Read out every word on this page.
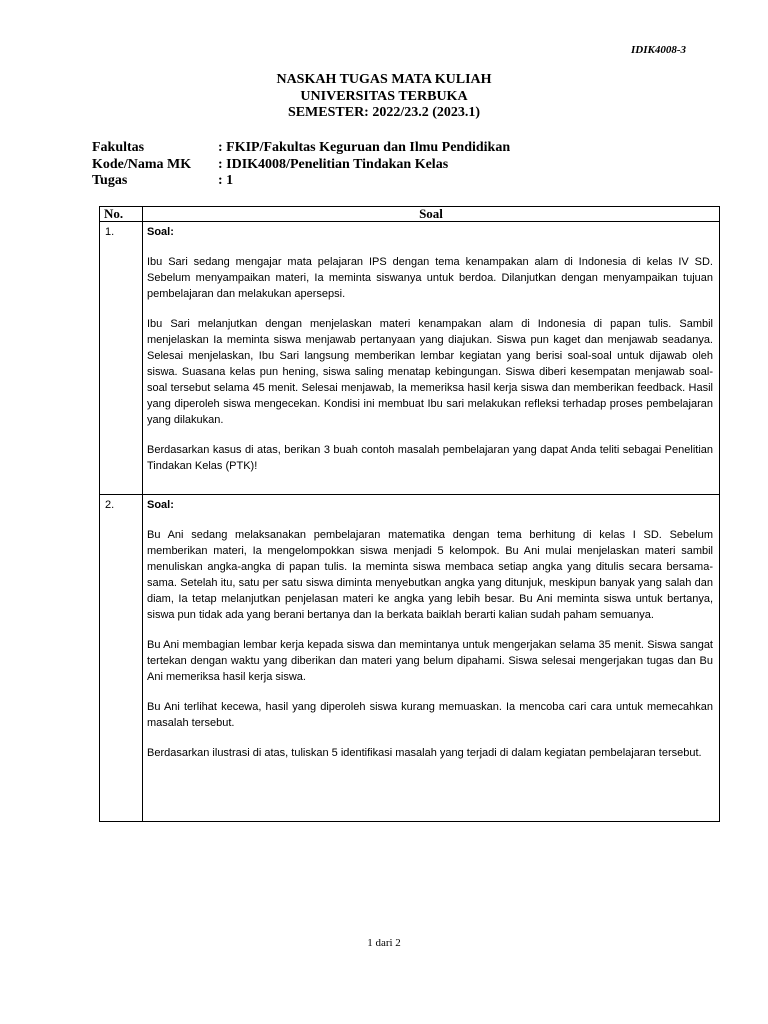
IDIK4008-3
NASKAH TUGAS MATA KULIAH
UNIVERSITAS TERBUKA
SEMESTER: 2022/23.2 (2023.1)
Fakultas	: FKIP/Fakultas Keguruan dan Ilmu Pendidikan
Kode/Nama MK	: IDIK4008/Penelitian Tindakan Kelas
Tugas	: 1
No.	Soal
1.	Soal:

Ibu Sari sedang mengajar mata pelajaran IPS dengan tema kenampakan alam di Indonesia di kelas IV SD. Sebelum menyampaikan materi, Ia meminta siswanya untuk berdoa. Dilanjutkan dengan menyampaikan tujuan pembelajaran dan melakukan apersepsi.

Ibu Sari melanjutkan dengan menjelaskan materi kenampakan alam di Indonesia di papan tulis. Sambil menjelaskan Ia meminta siswa menjawab pertanyaan yang diajukan. Siswa pun kaget dan menjawab seadanya. Selesai menjelaskan, Ibu Sari langsung memberikan lembar kegiatan yang berisi soal-soal untuk dijawab oleh siswa. Suasana kelas pun hening, siswa saling menatap kebingungan. Siswa diberi kesempatan menjawab soal-soal tersebut selama 45 menit. Selesai menjawab, Ia memeriksa hasil kerja siswa dan memberikan feedback. Hasil yang diperoleh siswa mengecekan. Kondisi ini membuat Ibu sari melakukan refleksi terhadap proses pembelajaran yang dilakukan.

Berdasarkan kasus di atas, berikan 3 buah contoh masalah pembelajaran yang dapat Anda teliti sebagai Penelitian Tindakan Kelas (PTK)!

2.	Soal:

Bu Ani sedang melaksanakan pembelajaran matematika dengan tema berhitung di kelas I SD. Sebelum memberikan materi, Ia mengelompokkan siswa menjadi 5 kelompok. Bu Ani mulai menjelaskan materi sambil menuliskan angka-angka di papan tulis. Ia meminta siswa membaca setiap angka yang ditulis secara bersama-sama. Setelah itu, satu per satu siswa diminta menyebutkan angka yang ditunjuk, meskipun banyak yang salah dan diam, Ia tetap melanjutkan penjelasan materi ke angka yang lebih besar. Bu Ani meminta siswa untuk bertanya, siswa pun tidak ada yang berani bertanya dan Ia berkata baiklah berarti kalian sudah paham semuanya.

Bu Ani membagian lembar kerja kepada siswa dan memintanya untuk mengerjakan selama 35 menit. Siswa sangat tertekan dengan waktu yang diberikan dan materi yang belum dipahami. Siswa selesai mengerjakan tugas dan Bu Ani memeriksa hasil kerja siswa.

Bu Ani terlihat kecewa, hasil yang diperoleh siswa kurang memuaskan. Ia mencoba cari cara untuk memecahkan masalah tersebut.

Berdasarkan ilustrasi di atas, tuliskan 5 identifikasi masalah yang terjadi di dalam kegiatan pembelajaran tersebut.

1 dari 2
